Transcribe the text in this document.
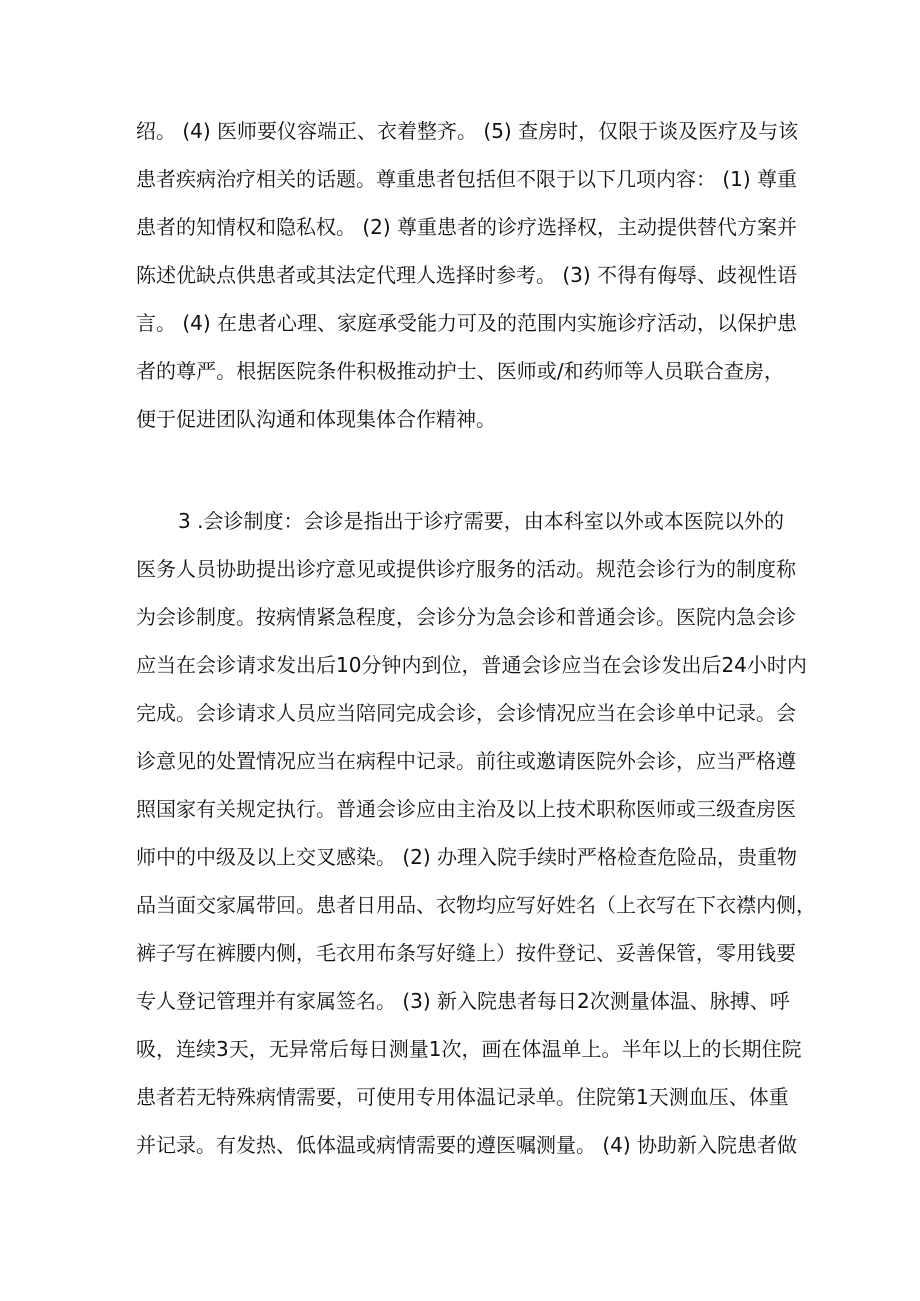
绍。 (4) 医师要仪容端正、衣着整齐。 (5) 查房时，仅限于谈及医疗及与该
患者疾病治疗相关的话题。尊重患者包括但不限于以下几项内容： (1) 尊重
患者的知情权和隐私权。 (2) 尊重患者的诊疗选择权，主动提供替代方案并
陈述优缺点供患者或其法定代理人选择时参考。 (3) 不得有侮辱、歧视性语
言。 (4) 在患者心理、家庭承受能力可及的范围内实施诊疗活动，以保护患
者的尊严。根据医院条件积极推动护士、医师或/和药师等人员联合查房，
便于促进团队沟通和体现集体合作精神。
3 .会诊制度：会诊是指出于诊疗需要，由本科室以外或本医院以外的
医务人员协助提出诊疗意见或提供诊疗服务的活动。规范会诊行为的制度称
为会诊制度。按病情紧急程度，会诊分为急会诊和普通会诊。医院内急会诊
应当在会诊请求发出后10分钟内到位，普通会诊应当在会诊发出后24小时内
完成。会诊请求人员应当陪同完成会诊，会诊情况应当在会诊单中记录。会
诊意见的处置情况应当在病程中记录。前往或邀请医院外会诊，应当严格遵
照国家有关规定执行。普通会诊应由主治及以上技术职称医师或三级查房医
师中的中级及以上交叉感染。 (2) 办理入院手续时严格检查危险品，贵重物
品当面交家属带回。患者日用品、衣物均应写好姓名（上衣写在下衣襟内侧，
裤子写在裤腰内侧，毛衣用布条写好缝上）按件登记、妥善保管，零用钱要
专人登记管理并有家属签名。 (3) 新入院患者每日2次测量体温、脉搏、呼
吸，连续3天，无异常后每日测量1次，画在体温单上。半年以上的长期住院
患者若无特殊病情需要，可使用专用体温记录单。住院第1天测血压、体重
并记录。有发热、低体温或病情需要的遵医嘱测量。 (4) 协助新入院患者做
